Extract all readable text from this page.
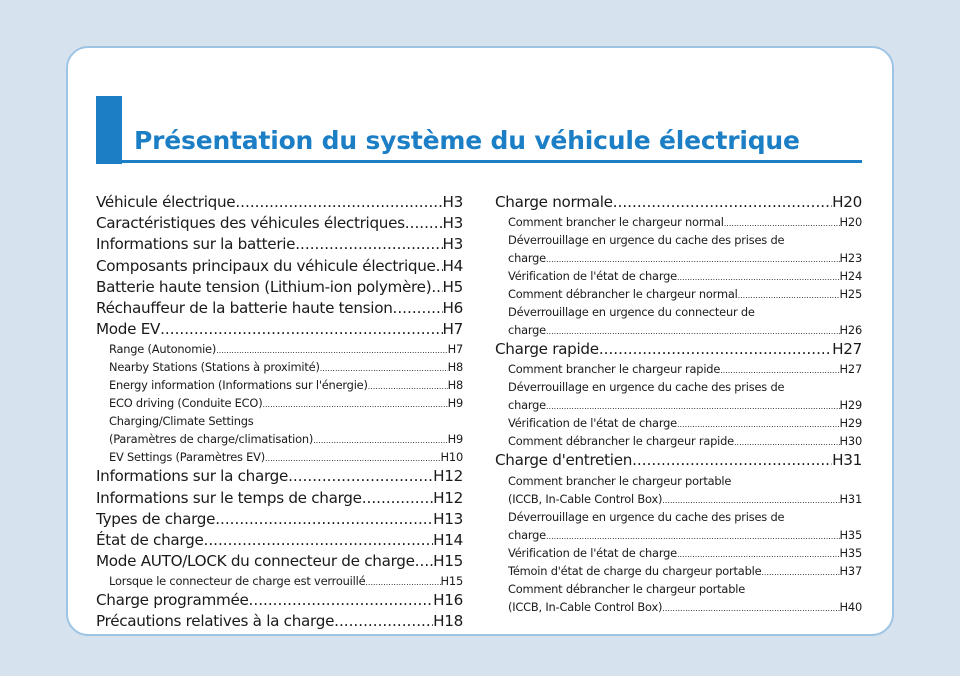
Présentation du système du véhicule électrique
Véhicule électrique .....	H3
Caractéristiques des véhicules électriques ..... H3
Informations sur la batterie .....	H3
Composants principaux du véhicule électrique ..... H4
Batterie haute tension (Lithium-ion polymère) ..... H5
Réchauffeur de la batterie haute tension .....	H6
Mode EV .....	H7
Range (Autonomie) .....	H7
Nearby Stations (Stations à proximité) .....	H8
Energy information (Informations sur l'énergie) .....	H8
ECO driving (Conduite ECO) .....	H9
Charging/Climate Settings
(Paramètres de charge/climatisation) .....	H9
EV Settings (Paramètres EV) .....	H10
Informations sur la charge .....	H12
Informations sur le temps de charge .....	H12
Types de charge .....	H13
État de charge .....	H14
Mode AUTO/LOCK du connecteur de charge ..... H15
Lorsque le connecteur de charge est verrouillé .....	H15
Charge programmée .....	H16
Précautions relatives à la charge .....	H18
Charge normale .....	H20
Comment brancher le chargeur normal .....	H20
Déverrouillage en urgence du cache des prises de
charge .....	H23
Vérification de l'état de charge .....	H24
Comment débrancher le chargeur normal .....	H25
Déverrouillage en urgence du connecteur de
charge .....	H26
Charge rapide .....	H27
Comment brancher le chargeur rapide .....	H27
Déverrouillage en urgence du cache des prises de
charge .....	H29
Vérification de l'état de charge .....	H29
Comment débrancher le chargeur rapide .....	H30
Charge d'entretien .....	H31
Comment brancher le chargeur portable
(ICCB, In-Cable Control Box) .....	H31
Déverrouillage en urgence du cache des prises de
charge .....	H35
Vérification de l'état de charge .....	H35
Témoin d'état de charge du chargeur portable .....	H37
Comment débrancher le chargeur portable
(ICCB, In-Cable Control Box) .....	H40
